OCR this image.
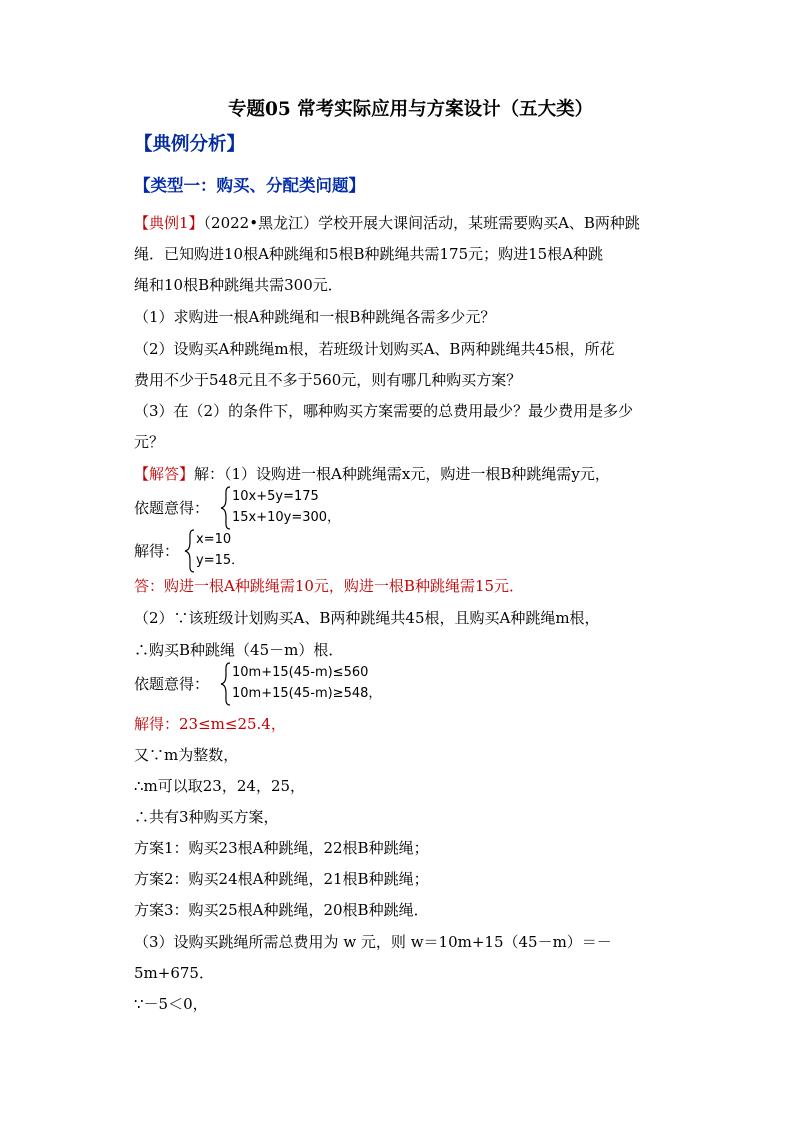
专题05 常考实际应用与方案设计（五大类）
【典例分析】
【类型一：购买、分配类问题】
【典例1】（2022•黑龙江）学校开展大课间活动，某班需要购买A、B两种跳
绳．已知购进10根A种跳绳和5根B种跳绳共需175元；购进15根A种跳
绳和10根B种跳绳共需300元．
（1）求购进一根A种跳绳和一根B种跳绳各需多少元？
（2）设购买A种跳绳m根，若班级计划购买A、B两种跳绳共45根，所花
费用不少于548元且不多于560元，则有哪几种购买方案？
（3）在（2）的条件下，哪种购买方案需要的总费用最少？最少费用是多少
元？
【解答】解：（1）设购进一根A种跳绳需x元，购进一根B种跳绳需y元，
依题意得：
10x+5y=175
15x+10y=300，
解得：
x=10
y=15．
答：购进一根A种跳绳需10元，购进一根B种跳绳需15元．
（2）∵该班级计划购买A、B两种跳绳共45根，且购买A种跳绳m根，
∴购买B种跳绳（45－m）根．
依题意得：
10m+15(45-m)≤560
10m+15(45-m)≥548，
解得：23≤m≤25.4，
又∵m为整数，
∴m可以取23，24，25，
∴共有3种购买方案，
方案1：购买23根A种跳绳，22根B种跳绳；
方案2：购买24根A种跳绳，21根B种跳绳；
方案3：购买25根A种跳绳，20根B种跳绳．
（3）设购买跳绳所需总费用为 w 元，则 w＝10m+15（45－m）＝－
5m+675．
∵－5＜0，
